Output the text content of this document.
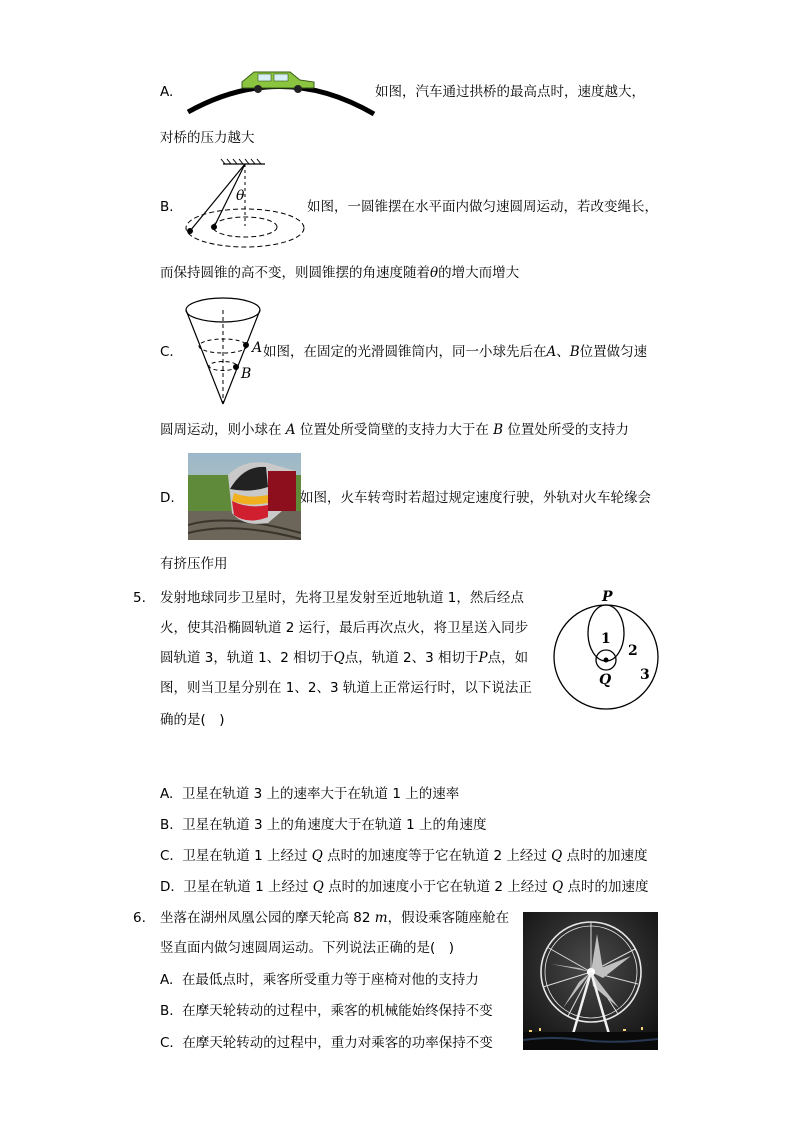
A.	如图，汽车通过拱桥的最高点时，速度越大，
对桥的压力越大
B.
θ
如图，一圆锥摆在水平面内做匀速圆周运动，若改变绳长，
而保持圆锥的高不变，则圆锥摆的角速度随着θ的增大而增大
C.	A
B
如图，在固定的光滑圆锥筒内，同一小球先后在A、B位置做匀速
圆周运动，则小球在 A 位置处所受筒壁的支持力大于在 B 位置处所受的支持力
D.	如图，火车转弯时若超过规定速度行驶，外轨对火车轮缘会
有挤压作用
5. 发射地球同步卫星时，先将卫星发射至近地轨道 1，然后经点
火，使其沿椭圆轨道 2 运行，最后再次点火，将卫星送入同步
圆轨道 3，轨道 1、2 相切于Q点，轨道 2、3 相切于P点，如
图，则当卫星分别在 1、2、3 轨道上正常运行时，以下说法正
确的是(　)
P
Q
1
2
3
A. 卫星在轨道 3 上的速率大于在轨道 1 上的速率
B. 卫星在轨道 3 上的角速度大于在轨道 1 上的角速度
C. 卫星在轨道 1 上经过 Q 点时的加速度等于它在轨道 2 上经过 Q 点时的加速度
D. 卫星在轨道 1 上经过 Q 点时的加速度小于它在轨道 2 上经过 Q 点时的加速度
6. 坐落在湖州凤凰公园的摩天轮高 82 m，假设乘客随座舱在
竖直面内做匀速圆周运动。下列说法正确的是(　)
A. 在最低点时，乘客所受重力等于座椅对他的支持力
B. 在摩天轮转动的过程中，乘客的机械能始终保持不变
C. 在摩天轮转动的过程中，重力对乘客的功率保持不变
